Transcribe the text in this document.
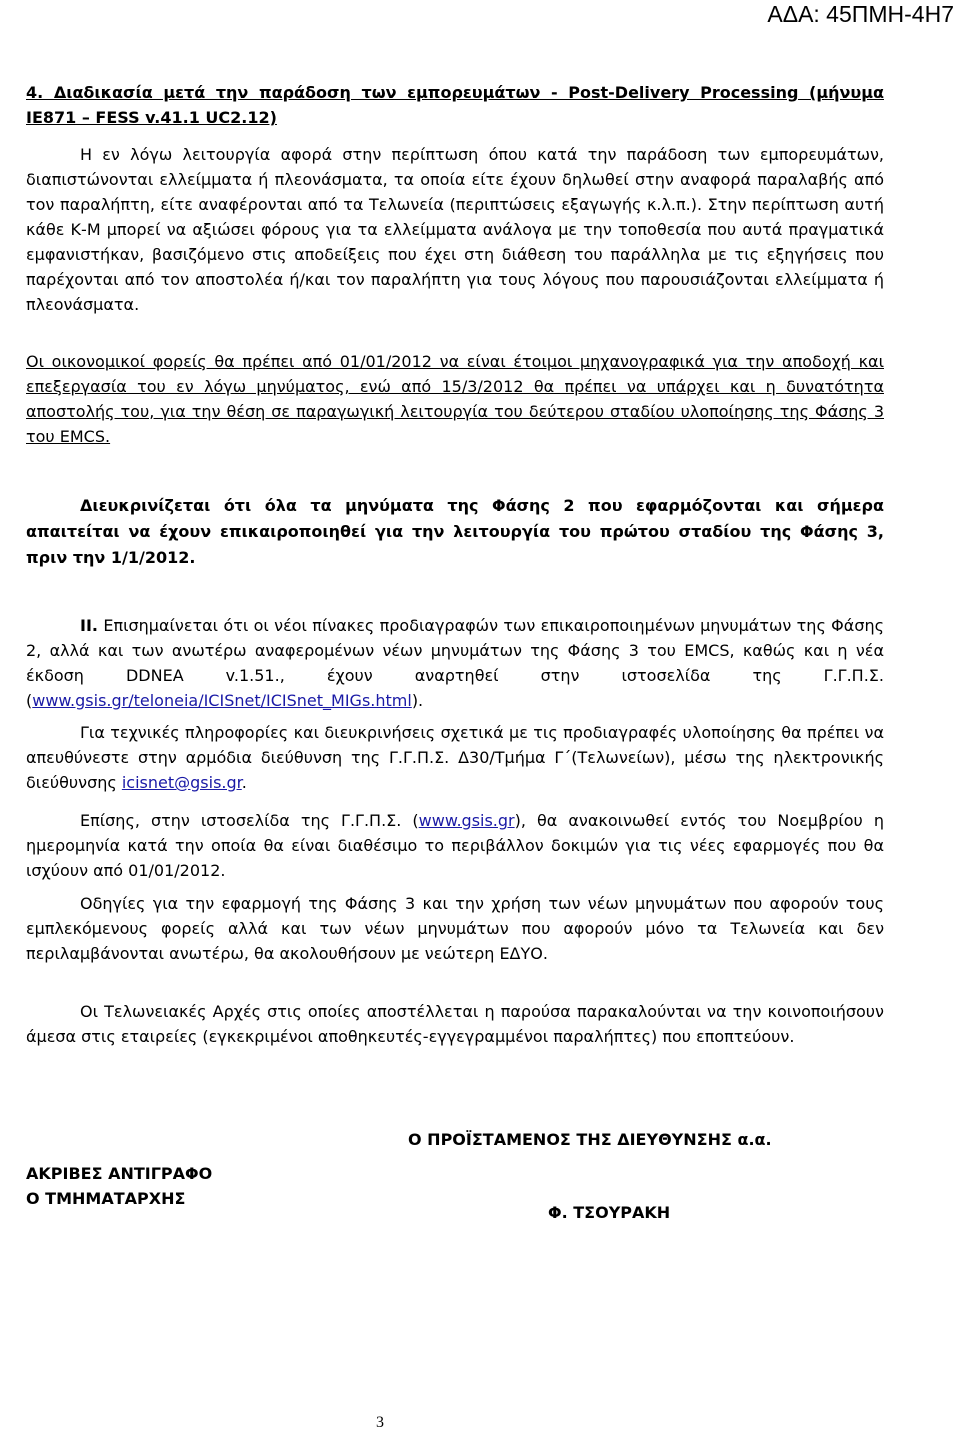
ΑΔΑ: 45ΠΜΗ-4Η7

4. Διαδικασία μετά την παράδοση των εμπορευμάτων - Post-Delivery Processing (μήνυμα IE871 – FESS v.41.1 UC2.12)

Η εν λόγω λειτουργία αφορά στην περίπτωση όπου κατά την παράδοση των εμπορευμάτων, διαπιστώνονται ελλείμματα ή πλεονάσματα, τα οποία είτε έχουν δηλωθεί στην αναφορά παραλαβής από τον παραλήπτη, είτε αναφέρονται από τα Τελωνεία (περιπτώσεις εξαγωγής κ.λ.π.). Στην περίπτωση αυτή κάθε Κ-Μ μπορεί να αξιώσει φόρους για τα ελλείμματα ανάλογα με την τοποθεσία που αυτά πραγματικά εμφανιστήκαν, βασιζόμενο στις αποδείξεις που έχει στη διάθεση του παράλληλα με τις εξηγήσεις που παρέχονται από τον αποστολέα ή/και τον παραλήπτη για τους λόγους που παρουσιάζονται ελλείμματα ή πλεονάσματα.

Οι οικονομικοί φορείς θα πρέπει από 01/01/2012 να είναι έτοιμοι μηχανογραφικά για την αποδοχή και επεξεργασία του εν λόγω μηνύματος, ενώ από 15/3/2012 θα πρέπει να υπάρχει και η δυνατότητα αποστολής του, για την θέση σε παραγωγική λειτουργία του δεύτερου σταδίου υλοποίησης της Φάσης 3 του EMCS.

Διευκρινίζεται ότι όλα τα μηνύματα της Φάσης 2 που εφαρμόζονται και σήμερα απαιτείται να έχουν επικαιροποιηθεί για την λειτουργία του πρώτου σταδίου της Φάσης 3, πριν την 1/1/2012.

ΙΙ. Επισημαίνεται ότι οι νέοι πίνακες προδιαγραφών των επικαιροποιημένων μηνυμάτων της Φάσης 2, αλλά και των ανωτέρω αναφερομένων νέων μηνυμάτων της Φάσης 3 του EMCS, καθώς και η νέα έκδοση DDNEA v.1.51., έχουν αναρτηθεί στην ιστοσελίδα της Γ.Γ.Π.Σ. (www.gsis.gr/teloneia/ICISnet/ICISnet_MIGs.html).

Για τεχνικές πληροφορίες και διευκρινήσεις σχετικά με τις προδιαγραφές υλοποίησης θα πρέπει να απευθύνεστε στην αρμόδια διεύθυνση της Γ.Γ.Π.Σ. Δ30/Τμήμα Γ΄(Τελωνείων), μέσω της ηλεκτρονικής διεύθυνσης icisnet@gsis.gr.

Επίσης, στην ιστοσελίδα της Γ.Γ.Π.Σ. (www.gsis.gr), θα ανακοινωθεί εντός του Νοεμβρίου η ημερομηνία κατά την οποία θα είναι διαθέσιμο το περιβάλλον δοκιμών για τις νέες εφαρμογές που θα ισχύουν από 01/01/2012.

Οδηγίες για την εφαρμογή της Φάσης 3 και την χρήση των νέων μηνυμάτων που αφορούν τους εμπλεκόμενους φορείς αλλά και των νέων μηνυμάτων που αφορούν μόνο τα Τελωνεία και δεν περιλαμβάνονται ανωτέρω, θα ακολουθήσουν με νεώτερη ΕΔΥΟ.

Οι Τελωνειακές Αρχές στις οποίες αποστέλλεται η παρούσα παρακαλούνται να την κοινοποιήσουν άμεσα στις εταιρείες (εγκεκριμένοι αποθηκευτές-εγγεγραμμένοι παραλήπτες) που εποπτεύουν.

Ο ΠΡΟΪΣΤΑΜΕΝΟΣ ΤΗΣ ΔΙΕΥΘΥΝΣΗΣ α.α.

ΑΚΡΙΒΕΣ ΑΝΤΙΓΡΑΦΟ

Ο ΤΜΗΜΑΤΑΡΧΗΣ

Φ. ΤΣΟΥΡΑΚΗ

3
